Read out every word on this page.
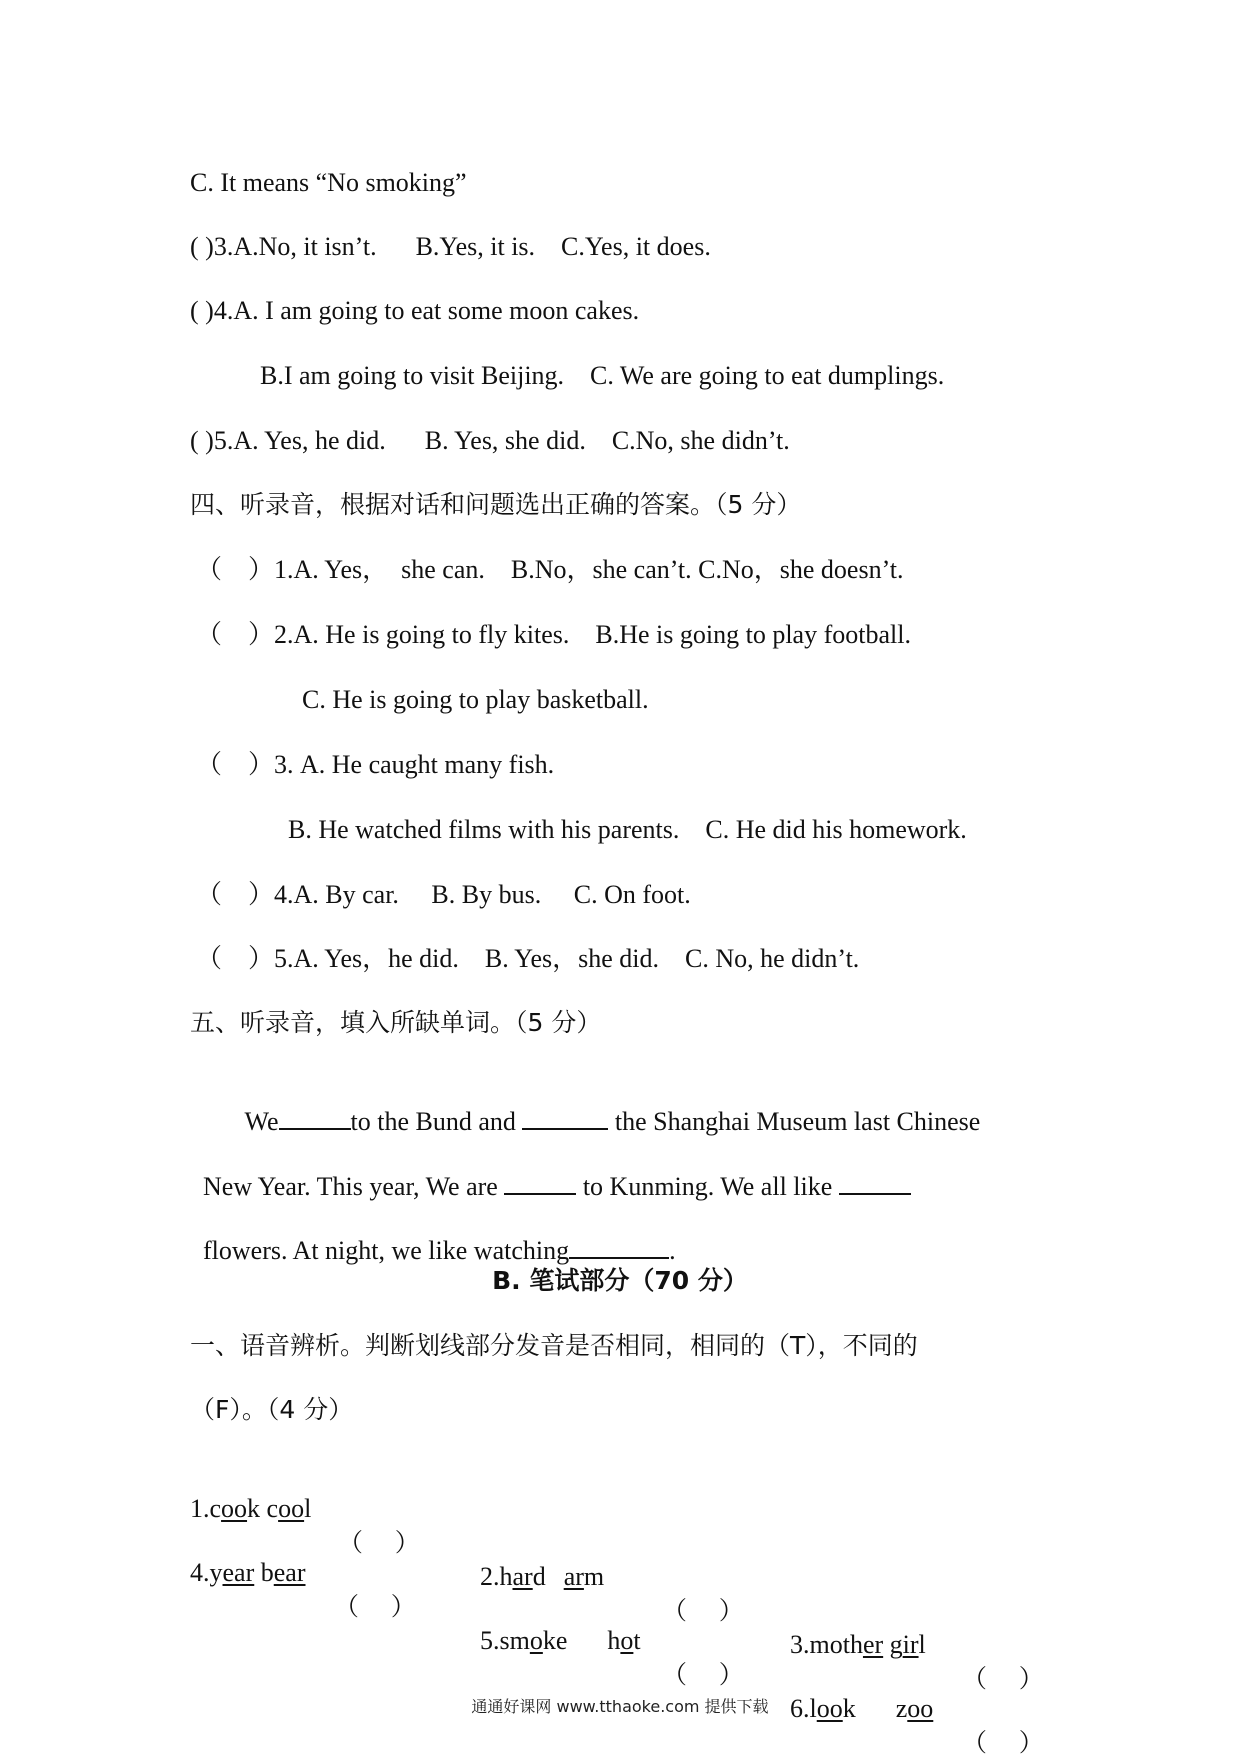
C. It means “No smoking”

( )3.A.No, it isn’t.      B.Yes, it is.    C.Yes, it does.

( )4.A. I am going to eat some moon cakes.

B.I am going to visit Beijing.    C. We are going to eat dumplings.

( )5.A. Yes, he did.      B. Yes, she did.    C.No, she didn’t.

四、听录音，根据对话和问题选出正确的答案。（5 分）

（    ）1.A. Yes，  she can.    B.No，she can’t. C.No，she doesn’t.

（    ）2.A. He is going to fly kites.    B.He is going to play football.

C. He is going to play basketball.

（    ）3. A. He caught many fish.

B. He watched films with his parents.    C. He did his homework.

（    ）4.A. By car.     B. By bus.     C. On foot.

（    ）5.A. Yes，he did.    B. Yes，she did.    C. No, he didn’t.

五、听录音，填入所缺单词。（5 分）

We	to the Bund and	the Shanghai Museum last Chinese

New Year. This year, We are	to Kunming. We all like

flowers. At night, we like watching	.

B. 笔试部分（70 分）

一、语音辨析。判断划线部分发音是否相同，相同的（T），不同的

（F）。（4 分）

1.cook cool

（    ）

2.hard arm

（    ）

3.mother girl

（    ）

4.year bear

（    ）

5.smoke hot

（    ）

6.look zoo

（    ）

通通好课网 www.tthaoke.com 提供下载
